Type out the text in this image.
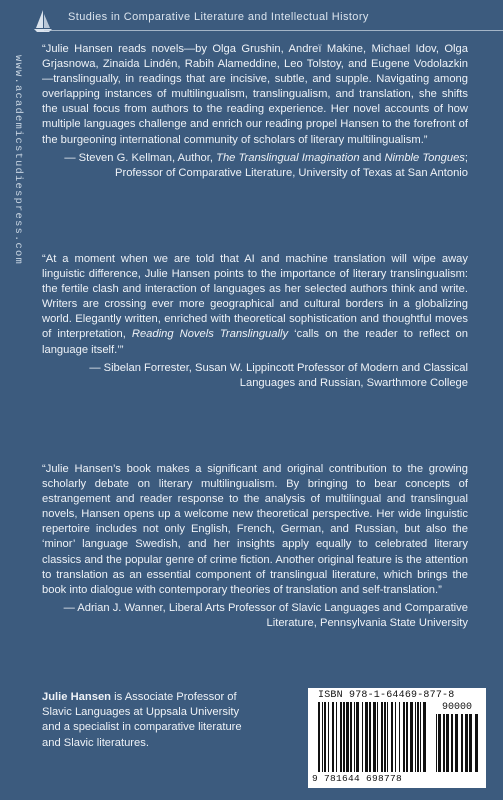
Studies in Comparative Literature and Intellectual History
www.academicstudiespress.com

“Julie Hansen reads novels—by Olga Grushin, Andreï Makine, Michael Idov, Olga Grjasnowa, Zinaida Lindén, Rabih Alameddine, Leo Tolstoy, and Eugene Vodolazkin—translingually, in readings that are incisive, subtle, and supple. Navigating among overlapping instances of multilingualism, translingualism, and translation, she shifts the usual focus from authors to the reading experience. Her novel accounts of how multiple languages challenge and enrich our reading propel Hansen to the forefront of the burgeoning international community of scholars of literary multilingualism.”

— Steven G. Kellman, Author, The Translingual Imagination and Nimble Tongues; Professor of Comparative Literature, University of Texas at San Antonio

“At a moment when we are told that AI and machine translation will wipe away linguistic difference, Julie Hansen points to the importance of literary translingualism: the fertile clash and interaction of languages as her selected authors think and write. Writers are crossing ever more geographical and cultural borders in a globalizing world. Elegantly written, enriched with theoretical sophistication and thoughtful moves of interpretation, Reading Novels Translingually ‘calls on the reader to reflect on language itself.’”

— Sibelan Forrester, Susan W. Lippincott Professor of Modern and Classical Languages and Russian, Swarthmore College

“Julie Hansen’s book makes a significant and original contribution to the growing scholarly debate on literary multilingualism. By bringing to bear concepts of estrangement and reader response to the analysis of multilingual and translingual novels, Hansen opens up a welcome new theoretical perspective. Her wide linguistic repertoire includes not only English, French, German, and Russian, but also the ‘minor’ language Swedish, and her insights apply equally to celebrated literary classics and the popular genre of crime fiction. Another original feature is the attention to translation as an essential component of translingual literature, which brings the book into dialogue with contemporary theories of translation and self-translation.”

— Adrian J. Wanner, Liberal Arts Professor of Slavic Languages and Comparative Literature, Pennsylvania State University

Julie Hansen is Associate Professor of Slavic Languages at Uppsala University and a specialist in comparative literature and Slavic literatures.
ISBN 978-1-64469-877-8
90000
9 781644 698778
